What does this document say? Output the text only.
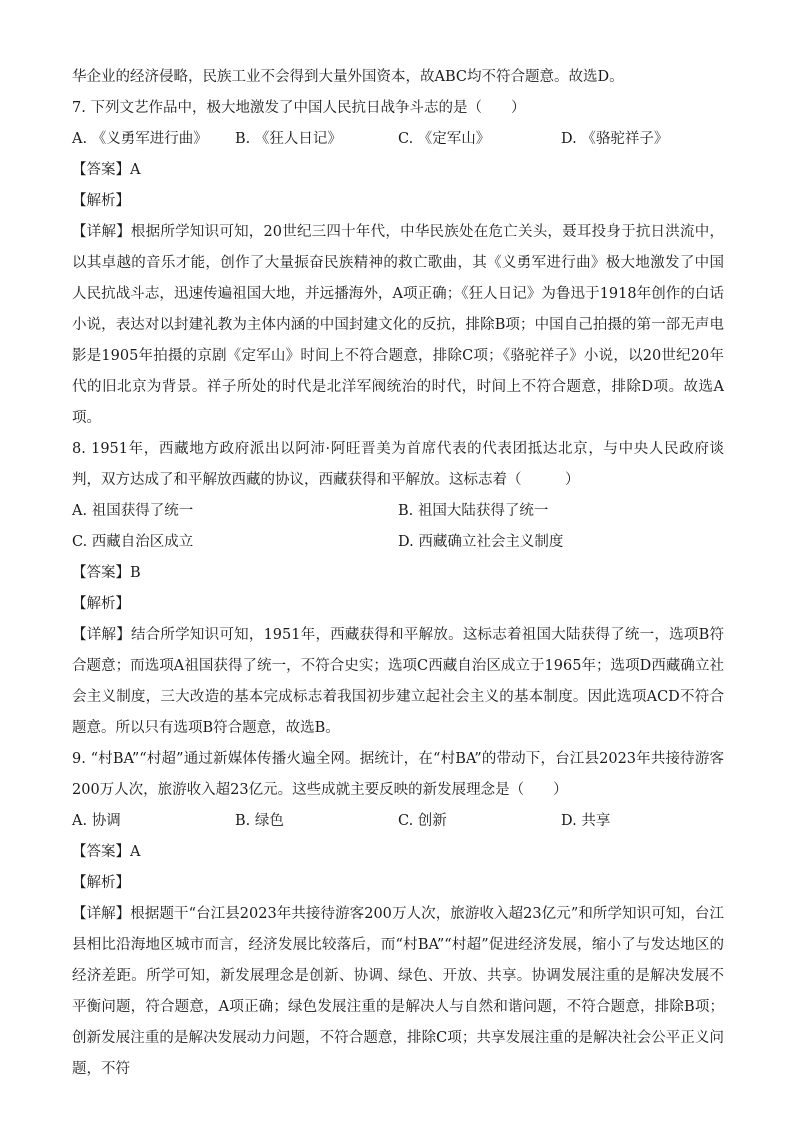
华企业的经济侵略，民族工业不会得到大量外国资本，故ABC均不符合题意。故选D。

7. 下列文艺作品中，极大地激发了中国人民抗日战争斗志的是（　　）

A. 《义勇军进行曲》	B. 《狂人日记》	C. 《定军山》	D. 《骆驼祥子》
【答案】A
【解析】

【详解】根据所学知识可知，20世纪三四十年代，中华民族处在危亡关头，聂耳投身于抗日洪流中，以其卓越的音乐才能，创作了大量振奋民族精神的救亡歌曲，其《义勇军进行曲》极大地激发了中国人民抗战斗志，迅速传遍祖国大地，并远播海外，A项正确；《狂人日记》为鲁迅于1918年创作的白话小说，表达对以封建礼教为主体内涵的中国封建文化的反抗，排除B项；中国自己拍摄的第一部无声电影是1905年拍摄的京剧《定军山》时间上不符合题意，排除C项；《骆驼祥子》小说，以20世纪20年代的旧北京为背景。祥子所处的时代是北洋军阀统治的时代，时间上不符合题意，排除D项。故选A项。

8. 1951年，西藏地方政府派出以阿沛·阿旺晋美为首席代表的代表团抵达北京，与中央人民政府谈判，双方达成了和平解放西藏的协议，西藏获得和平解放。这标志着（　　　）

A. 祖国获得了统一	B. 祖国大陆获得了统一
C. 西藏自治区成立	D. 西藏确立社会主义制度
【答案】B
【解析】

【详解】结合所学知识可知，1951年，西藏获得和平解放。这标志着祖国大陆获得了统一，选项B符合题意；而选项A祖国获得了统一，不符合史实；选项C西藏自治区成立于1965年；选项D西藏确立社会主义制度，三大改造的基本完成标志着我国初步建立起社会主义的基本制度。因此选项ACD不符合题意。所以只有选项B符合题意，故选B。

9. “村BA”“村超”通过新媒体传播火遍全网。据统计，在“村BA”的带动下，台江县2023年共接待游客200万人次，旅游收入超23亿元。这些成就主要反映的新发展理念是（　　）

A. 协调	B. 绿色	C. 创新	D. 共享
【答案】A
【解析】

【详解】根据题干“台江县2023年共接待游客200万人次，旅游收入超23亿元”和所学知识可知，台江县相比沿海地区城市而言，经济发展比较落后，而“村BA”“村超”促进经济发展，缩小了与发达地区的经济差距。所学可知，新发展理念是创新、协调、绿色、开放、共享。协调发展注重的是解决发展不平衡问题，符合题意，A项正确；绿色发展注重的是解决人与自然和谐问题，不符合题意，排除B项；创新发展注重的是解决发展动力问题，不符合题意，排除C项；共享发展注重的是解决社会公平正义问题，不符
